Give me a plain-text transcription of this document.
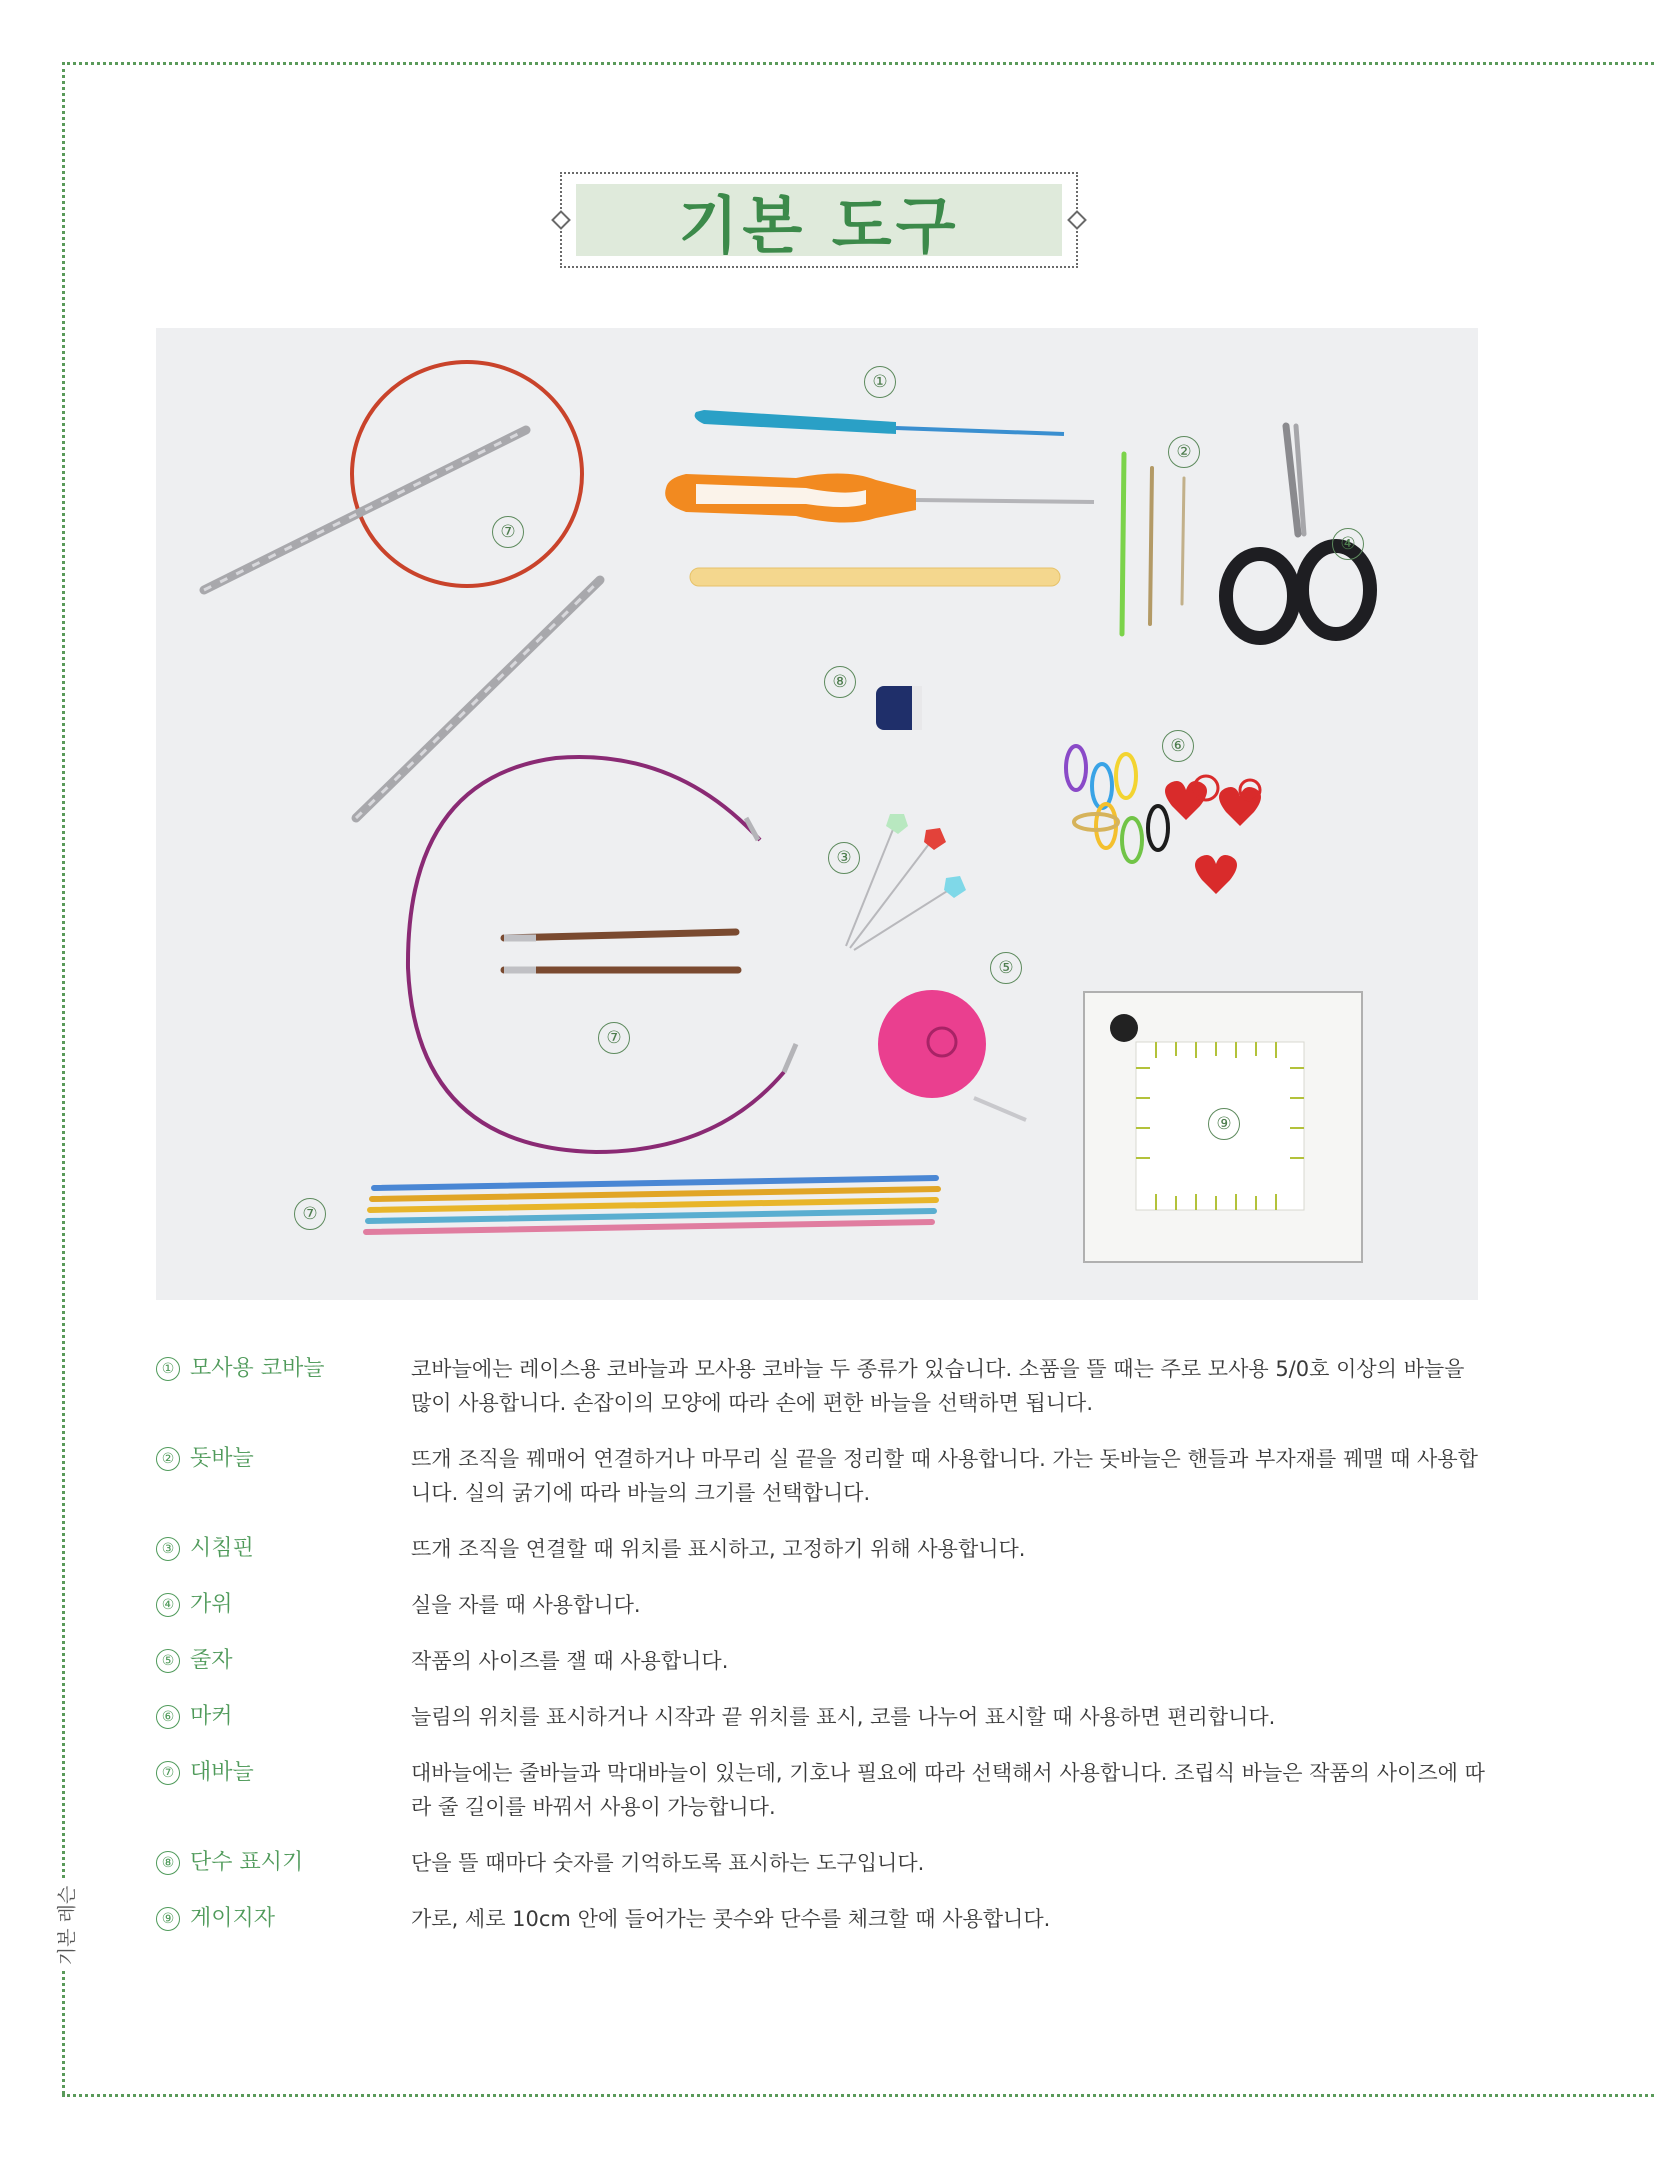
기본 레슨
기본 도구
①
②
③
④
⑤
⑥
⑦
⑦
⑦
⑧
⑨
① 모사용 코바늘	코바늘에는 레이스용 코바늘과 모사용 코바늘 두 종류가 있습니다. 소품을 뜰 때는 주로 모사용 5/0호 이상의 바늘을 많이 사용합니다. 손잡이의 모양에 따라 손에 편한 바늘을 선택하면 됩니다.
② 돗바늘	뜨개 조직을 꿰매어 연결하거나 마무리 실 끝을 정리할 때 사용합니다. 가는 돗바늘은 핸들과 부자재를 꿰맬 때 사용합니다. 실의 굵기에 따라 바늘의 크기를 선택합니다.
③ 시침핀	뜨개 조직을 연결할 때 위치를 표시하고, 고정하기 위해 사용합니다.
④ 가위	실을 자를 때 사용합니다.
⑤ 줄자	작품의 사이즈를 잴 때 사용합니다.
⑥ 마커	늘림의 위치를 표시하거나 시작과 끝 위치를 표시, 코를 나누어 표시할 때 사용하면 편리합니다.
⑦ 대바늘	대바늘에는 줄바늘과 막대바늘이 있는데, 기호나 필요에 따라 선택해서 사용합니다. 조립식 바늘은 작품의 사이즈에 따라 줄 길이를 바꿔서 사용이 가능합니다.
⑧ 단수 표시기	단을 뜰 때마다 숫자를 기억하도록 표시하는 도구입니다.
⑨ 게이지자	가로, 세로 10cm 안에 들어가는 콧수와 단수를 체크할 때 사용합니다.
